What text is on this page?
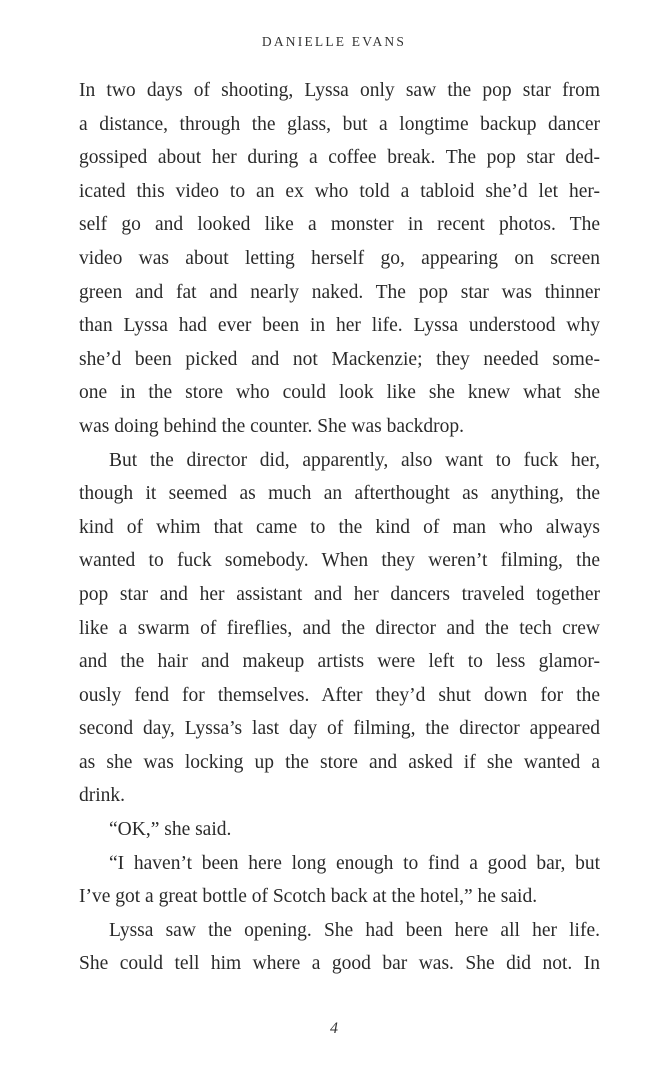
DANIELLE EVANS
In two days of shooting, Lyssa only saw the pop star from
a distance, through the glass, but a longtime backup dancer
gossiped about her during a coffee break. The pop star ded-
icated this video to an ex who told a tabloid she’d let her-
self go and looked like a monster in recent photos. The
video was about letting herself go, appearing on screen
green and fat and nearly naked. The pop star was thinner
than Lyssa had ever been in her life. Lyssa understood why
she’d been picked and not Mackenzie; they needed some-
one in the store who could look like she knew what she
was doing behind the counter. She was backdrop.
But the director did, apparently, also want to fuck her,
though it seemed as much an afterthought as anything, the
kind of whim that came to the kind of man who always
wanted to fuck somebody. When they weren’t filming, the
pop star and her assistant and her dancers traveled together
like a swarm of fireflies, and the director and the tech crew
and the hair and makeup artists were left to less glamor-
ously fend for themselves. After they’d shut down for the
second day, Lyssa’s last day of filming, the director appeared
as she was locking up the store and asked if she wanted a
drink.
“OK,” she said.
“I haven’t been here long enough to find a good bar, but
I’ve got a great bottle of Scotch back at the hotel,” he said.
Lyssa saw the opening. She had been here all her life.
She could tell him where a good bar was. She did not. In
4
